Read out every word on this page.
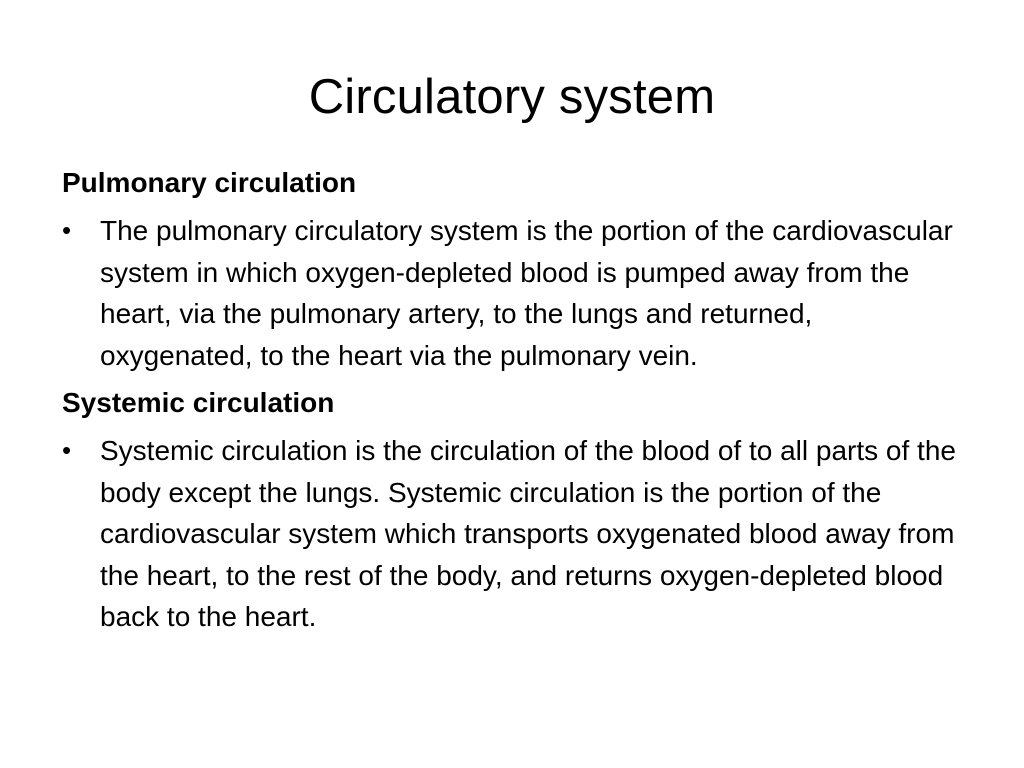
Circulatory system

Pulmonary circulation

•	The pulmonary circulatory system is the portion of the cardiovascular system in which oxygen-depleted blood is pumped away from the heart, via the pulmonary artery, to the lungs and returned, oxygenated, to the heart via the pulmonary vein.

Systemic circulation

•	Systemic circulation is the circulation of the blood of to all parts of the body except the lungs. Systemic circulation is the portion of the cardiovascular system which transports oxygenated blood away from the heart, to the rest of the body, and returns oxygen-depleted blood back to the heart.
